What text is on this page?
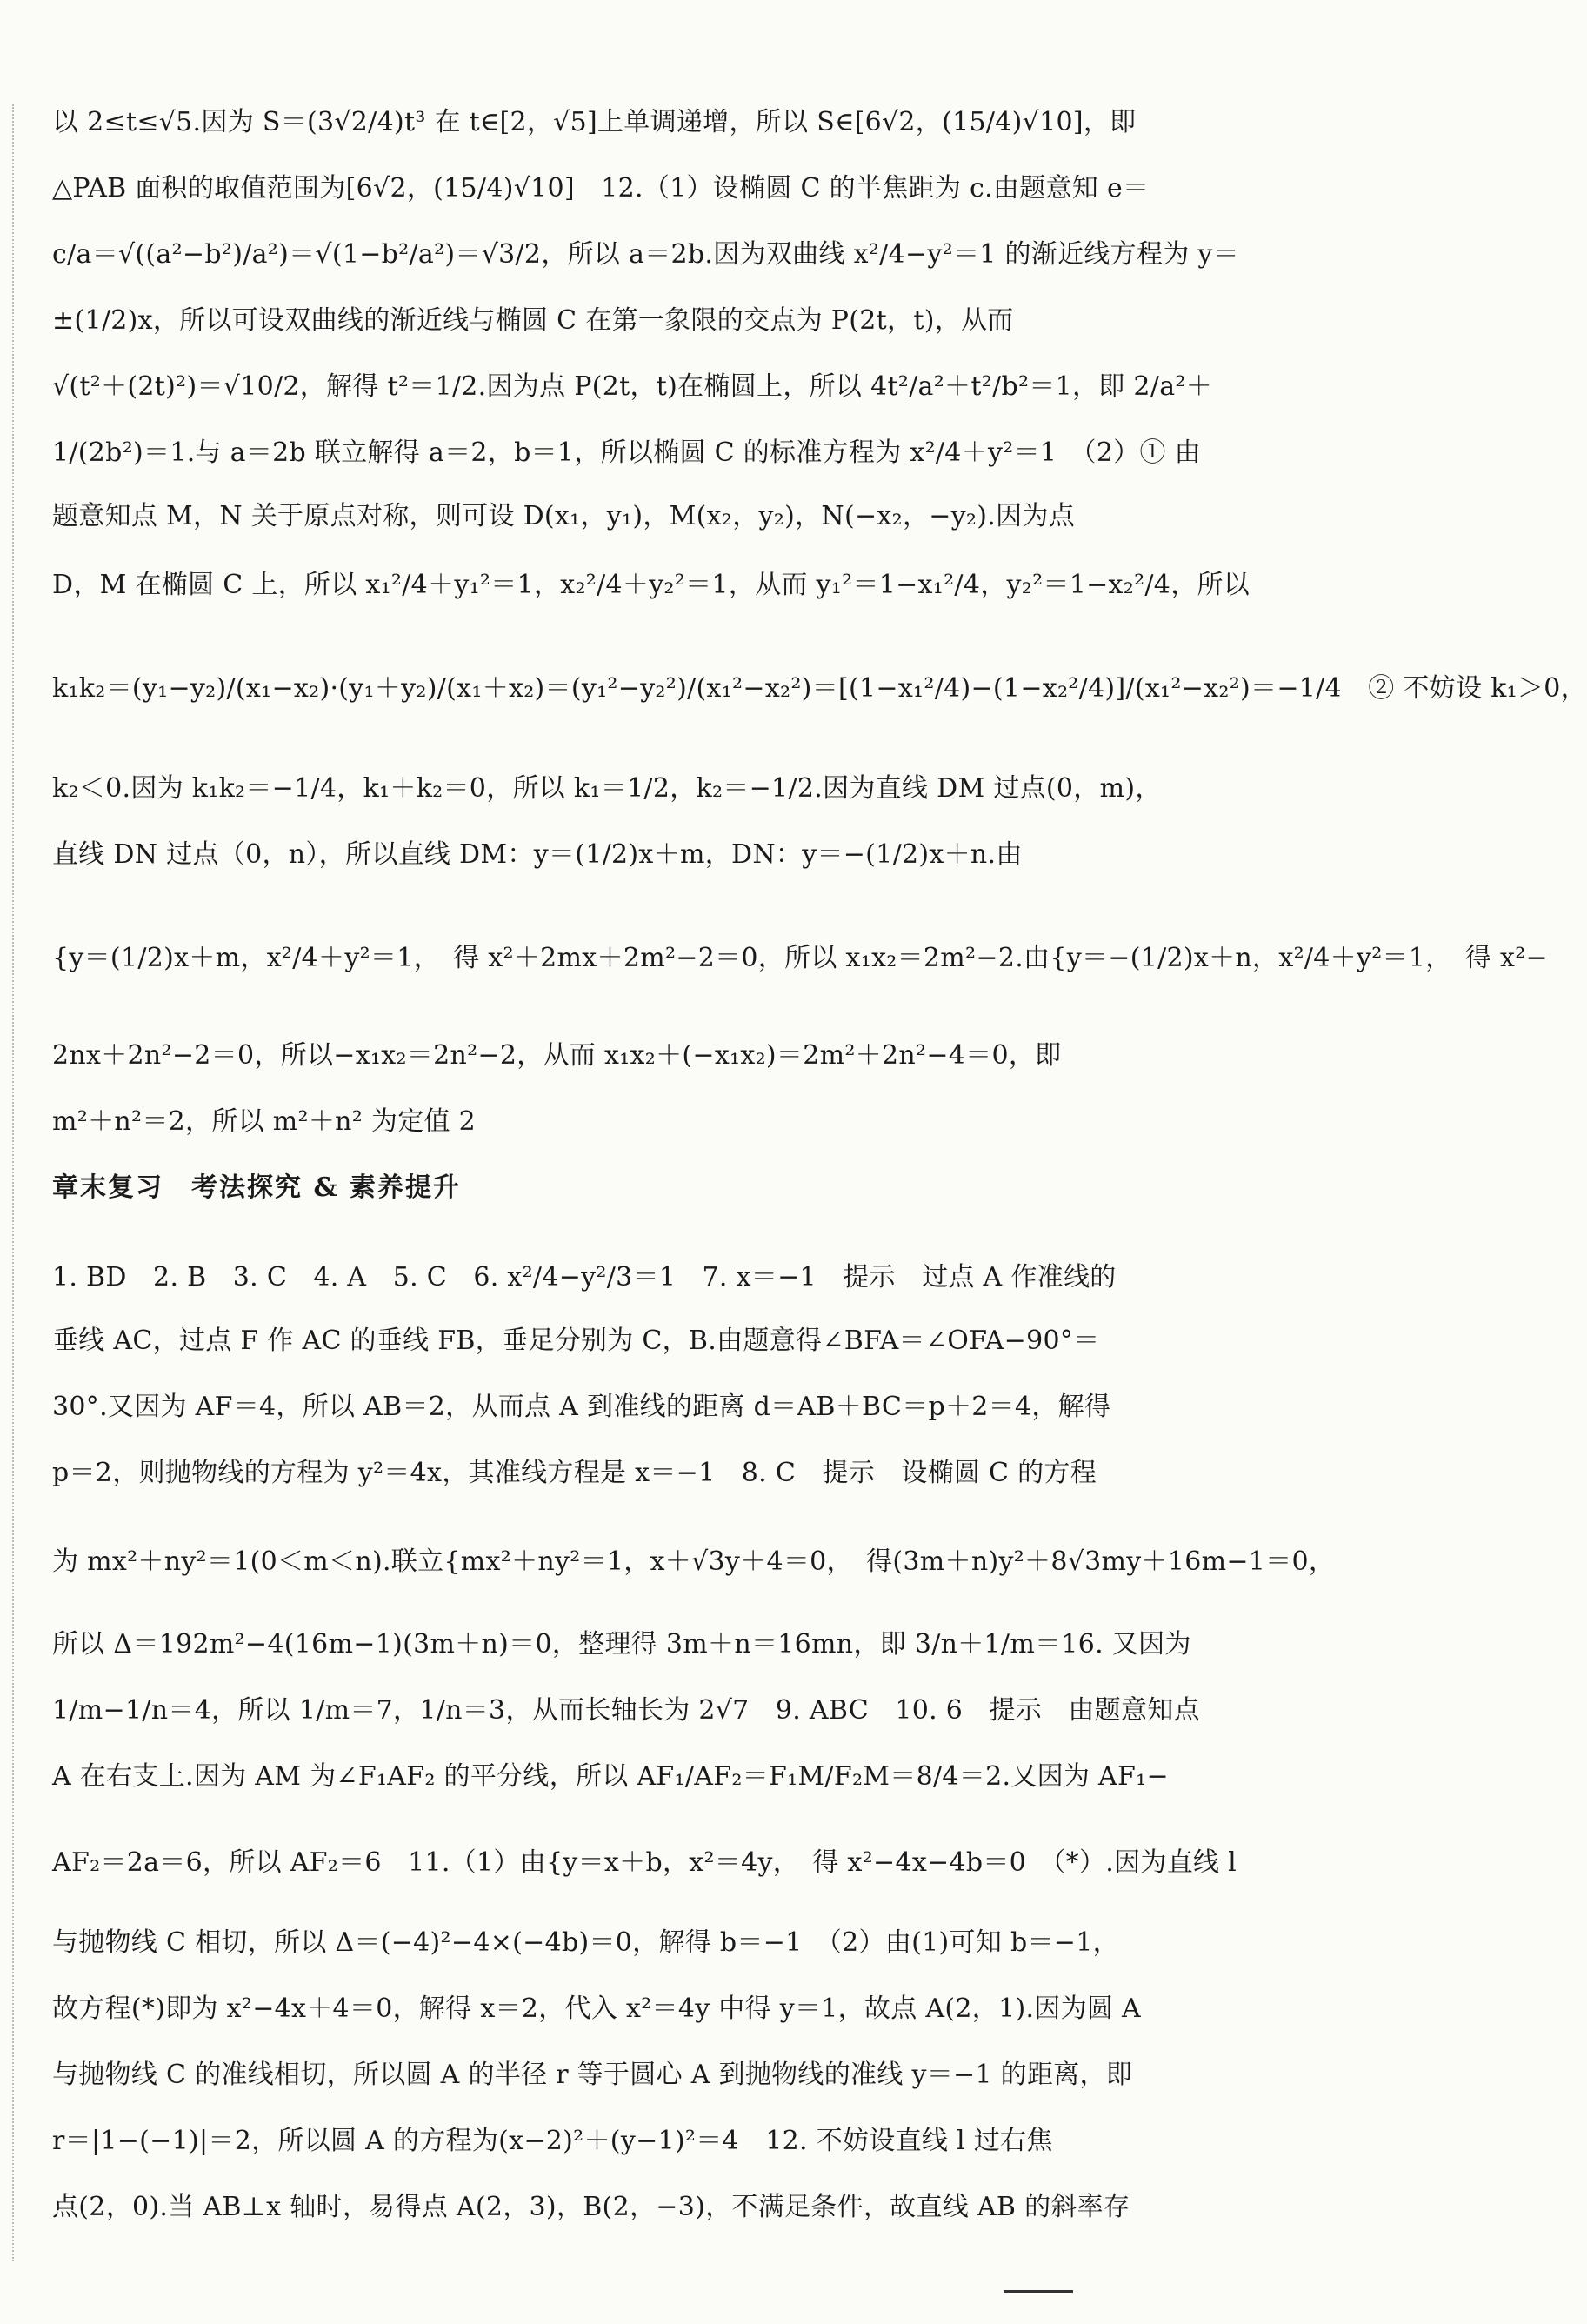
以 2≤t≤√5.因为 S＝(3√2/4)t³ 在 t∈[2，√5]上单调递增，所以 S∈[6√2，(15/4)√10]，即
△PAB 面积的取值范围为[6√2，(15/4)√10]　12.（1）设椭圆 C 的半焦距为 c.由题意知 e＝
c/a＝√((a²−b²)/a²)＝√(1−b²/a²)＝√3/2，所以 a＝2b.因为双曲线 x²/4−y²＝1 的渐近线方程为 y＝
±(1/2)x，所以可设双曲线的渐近线与椭圆 C 在第一象限的交点为 P(2t，t)，从而
√(t²＋(2t)²)＝√10/2，解得 t²＝1/2.因为点 P(2t，t)在椭圆上，所以 4t²/a²＋t²/b²＝1，即 2/a²＋
1/(2b²)＝1.与 a＝2b 联立解得 a＝2，b＝1，所以椭圆 C 的标准方程为 x²/4＋y²＝1　（2）① 由
题意知点 M，N 关于原点对称，则可设 D(x₁，y₁)，M(x₂，y₂)，N(−x₂，−y₂).因为点
D，M 在椭圆 C 上，所以 x₁²/4＋y₁²＝1，x₂²/4＋y₂²＝1，从而 y₁²＝1−x₁²/4，y₂²＝1−x₂²/4，所以
k₁k₂＝(y₁−y₂)/(x₁−x₂)·(y₁＋y₂)/(x₁＋x₂)＝(y₁²−y₂²)/(x₁²−x₂²)＝[(1−x₁²/4)−(1−x₂²/4)]/(x₁²−x₂²)＝−1/4　② 不妨设 k₁＞0，
k₂＜0.因为 k₁k₂＝−1/4，k₁＋k₂＝0，所以 k₁＝1/2，k₂＝−1/2.因为直线 DM 过点(0，m)，
直线 DN 过点（0，n），所以直线 DM：y＝(1/2)x＋m，DN：y＝−(1/2)x＋n.由
{y＝(1/2)x＋m，x²/4＋y²＝1，　得 x²＋2mx＋2m²−2＝0，所以 x₁x₂＝2m²−2.由{y＝−(1/2)x＋n，x²/4＋y²＝1，　得 x²−
2nx＋2n²−2＝0，所以−x₁x₂＝2n²−2，从而 x₁x₂＋(−x₁x₂)＝2m²＋2n²−4＝0，即
m²＋n²＝2，所以 m²＋n² 为定值 2
章末复习　考法探究 & 素养提升
1. BD　2. B　3. C　4. A　5. C　6. x²/4−y²/3＝1　7. x＝−1　提示　过点 A 作准线的
垂线 AC，过点 F 作 AC 的垂线 FB，垂足分别为 C，B.由题意得∠BFA＝∠OFA−90°＝
30°.又因为 AF＝4，所以 AB＝2，从而点 A 到准线的距离 d＝AB＋BC＝p＋2＝4，解得
p＝2，则抛物线的方程为 y²＝4x，其准线方程是 x＝−1　8. C　提示　设椭圆 C 的方程
为 mx²＋ny²＝1(0＜m＜n).联立{mx²＋ny²＝1，x＋√3y＋4＝0，　得(3m＋n)y²＋8√3my＋16m−1＝0，
所以 Δ＝192m²−4(16m−1)(3m＋n)＝0，整理得 3m＋n＝16mn，即 3/n＋1/m＝16. 又因为
1/m−1/n＝4，所以 1/m＝7，1/n＝3，从而长轴长为 2√7　9. ABC　10. 6　提示　由题意知点
A 在右支上.因为 AM 为∠F₁AF₂ 的平分线，所以 AF₁/AF₂＝F₁M/F₂M＝8/4＝2.又因为 AF₁−
AF₂＝2a＝6，所以 AF₂＝6　11.（1）由{y＝x＋b，x²＝4y，　得 x²−4x−4b＝0　（*）.因为直线 l
与抛物线 C 相切，所以 Δ＝(−4)²−4×(−4b)＝0，解得 b＝−1　（2）由(1)可知 b＝−1，
故方程(*)即为 x²−4x＋4＝0，解得 x＝2，代入 x²＝4y 中得 y＝1，故点 A(2，1).因为圆 A
与抛物线 C 的准线相切，所以圆 A 的半径 r 等于圆心 A 到抛物线的准线 y＝−1 的距离，即
r＝|1−(−1)|＝2，所以圆 A 的方程为(x−2)²＋(y−1)²＝4　12. 不妨设直线 l 过右焦
点(2，0).当 AB⊥x 轴时，易得点 A(2，3)，B(2，−3)，不满足条件，故直线 AB 的斜率存
